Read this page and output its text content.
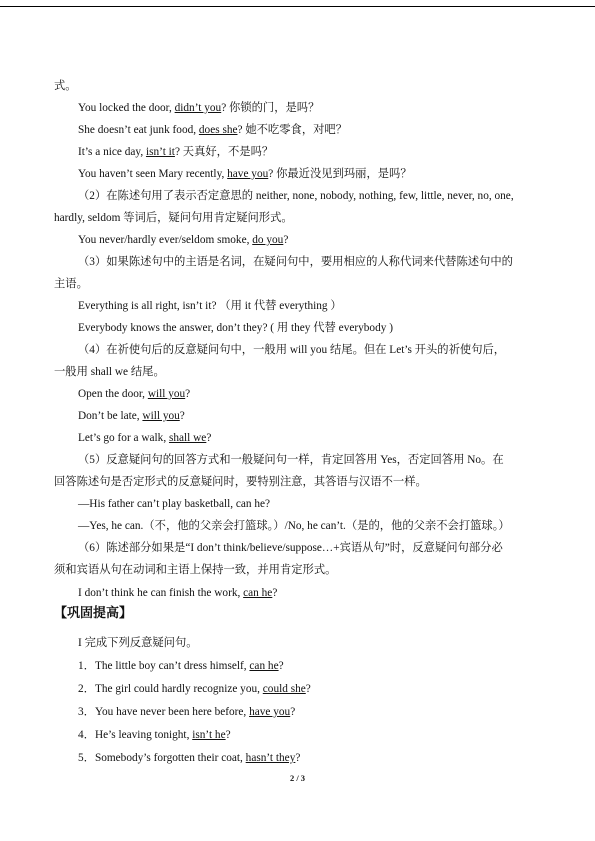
式。
You locked the door, didn’t you? 你锁的门，是吗？
She doesn’t eat junk food, does she? 她不吃零食，对吧？
It’s a nice day, isn’t it? 天真好，不是吗？
You haven’t seen Mary recently, have you? 你最近没见到玛丽，是吗？
（2）在陈述句用了表示否定意思的 neither, none, nobody, nothing, few, little, never, no, one,
hardly, seldom 等词后，疑问句用肯定疑问形式。
You never/hardly ever/seldom smoke, do you?
（3）如果陈述句中的主语是名词，在疑问句中，要用相应的人称代词来代替陈述句中的
主语。
Everything is all right, isn’t it? （用 it 代替 everything ）
Everybody knows the answer, don’t they? ( 用 they 代替 everybody )
（4）在祈使句后的反意疑问句中，一般用 will you 结尾。但在 Let’s 开头的祈使句后，
一般用 shall we 结尾。
Open the door, will you?
Don’t be late, will you?
Let’s go for a walk, shall we?
（5）反意疑问句的回答方式和一般疑问句一样，肯定回答用 Yes，否定回答用 No。在
回答陈述句是否定形式的反意疑问时，要特别注意，其答语与汉语不一样。
—His father can’t play basketball, can he?
—Yes, he can.（不，他的父亲会打篮球。）/No, he can’t.（是的，他的父亲不会打篮球。）
（6）陈述部分如果是“I don’t think/believe/suppose…+宾语从句”时，反意疑问句部分必
须和宾语从句在动词和主语上保持一致，并用肯定形式。
I don’t think he can finish the work, can he?
【巩固提高】
I 完成下列反意疑问句。
1．The little boy can’t dress himself, can he?
2．The girl could hardly recognize you, could she?
3．You have never been here before, have you?
4．He’s leaving tonight, isn’t he?
5．Somebody’s forgotten their coat, hasn’t they?
2 / 3
